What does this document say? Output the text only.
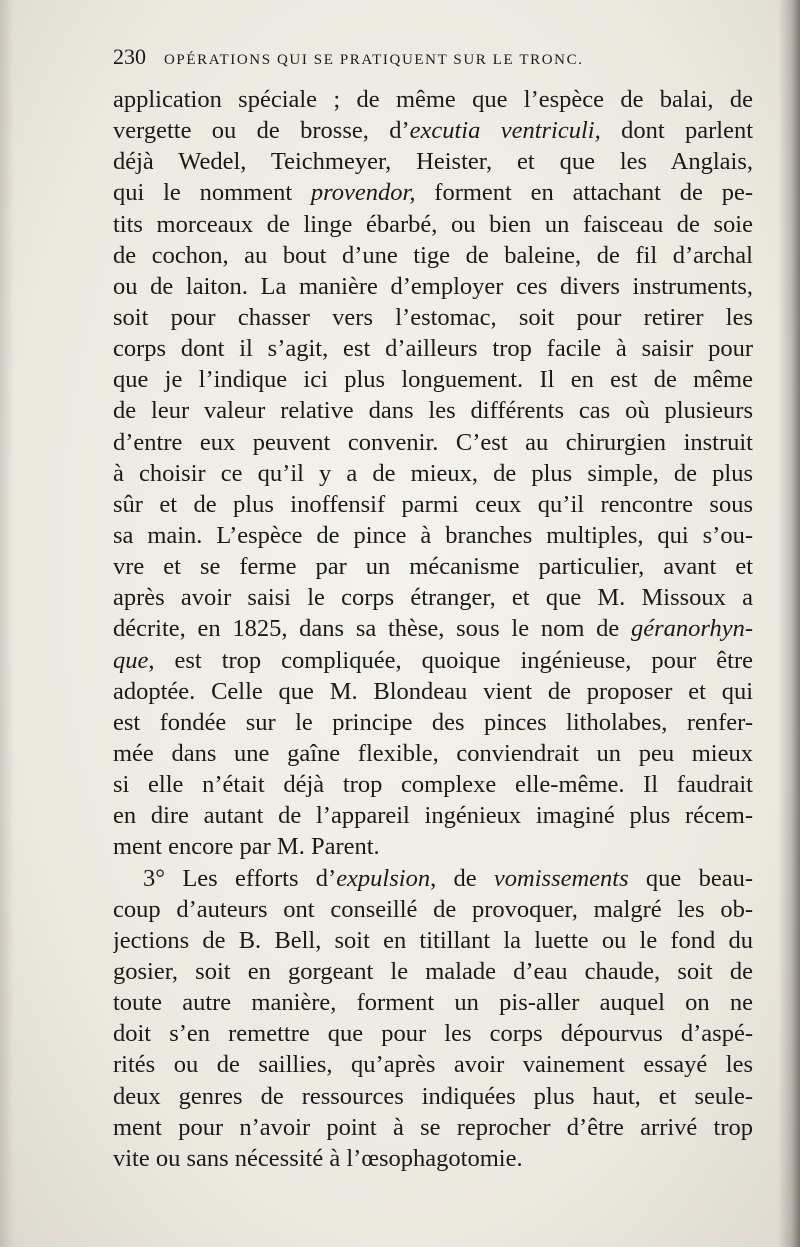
230 OPÉRATIONS QUI SE PRATIQUENT SUR LE TRONC.
application spéciale ; de même que l’espèce de balai, de
vergette ou de brosse, d’excutia ventriculi, dont parlent
déjà Wedel, Teichmeyer, Heister, et que les Anglais,
qui le nomment provendor, forment en attachant de pe-
tits morceaux de linge ébarbé, ou bien un faisceau de soie
de cochon, au bout d’une tige de baleine, de fil d’archal
ou de laiton. La manière d’employer ces divers instruments,
soit pour chasser vers l’estomac, soit pour retirer les
corps dont il s’agit, est d’ailleurs trop facile à saisir pour
que je l’indique ici plus longuement. Il en est de même
de leur valeur relative dans les différents cas où plusieurs
d’entre eux peuvent convenir. C’est au chirurgien instruit
à choisir ce qu’il y a de mieux, de plus simple, de plus
sûr et de plus inoffensif parmi ceux qu’il rencontre sous
sa main. L’espèce de pince à branches multiples, qui s’ou-
vre et se ferme par un mécanisme particulier, avant et
après avoir saisi le corps étranger, et que M. Missoux a
décrite, en 1825, dans sa thèse, sous le nom de géranorhyn-
que, est trop compliquée, quoique ingénieuse, pour être
adoptée. Celle que M. Blondeau vient de proposer et qui
est fondée sur le principe des pinces litholabes, renfer-
mée dans une gaîne flexible, conviendrait un peu mieux
si elle n’était déjà trop complexe elle-même. Il faudrait
en dire autant de l’appareil ingénieux imaginé plus récem-
ment encore par M. Parent.
3° Les efforts d’expulsion, de vomissements que beau-
coup d’auteurs ont conseillé de provoquer, malgré les ob-
jections de B. Bell, soit en titillant la luette ou le fond du
gosier, soit en gorgeant le malade d’eau chaude, soit de
toute autre manière, forment un pis-aller auquel on ne
doit s’en remettre que pour les corps dépourvus d’aspé-
rités ou de saillies, qu’après avoir vainement essayé les
deux genres de ressources indiquées plus haut, et seule-
ment pour n’avoir point à se reprocher d’être arrivé trop
vite ou sans nécessité à l’œsophagotomie.
